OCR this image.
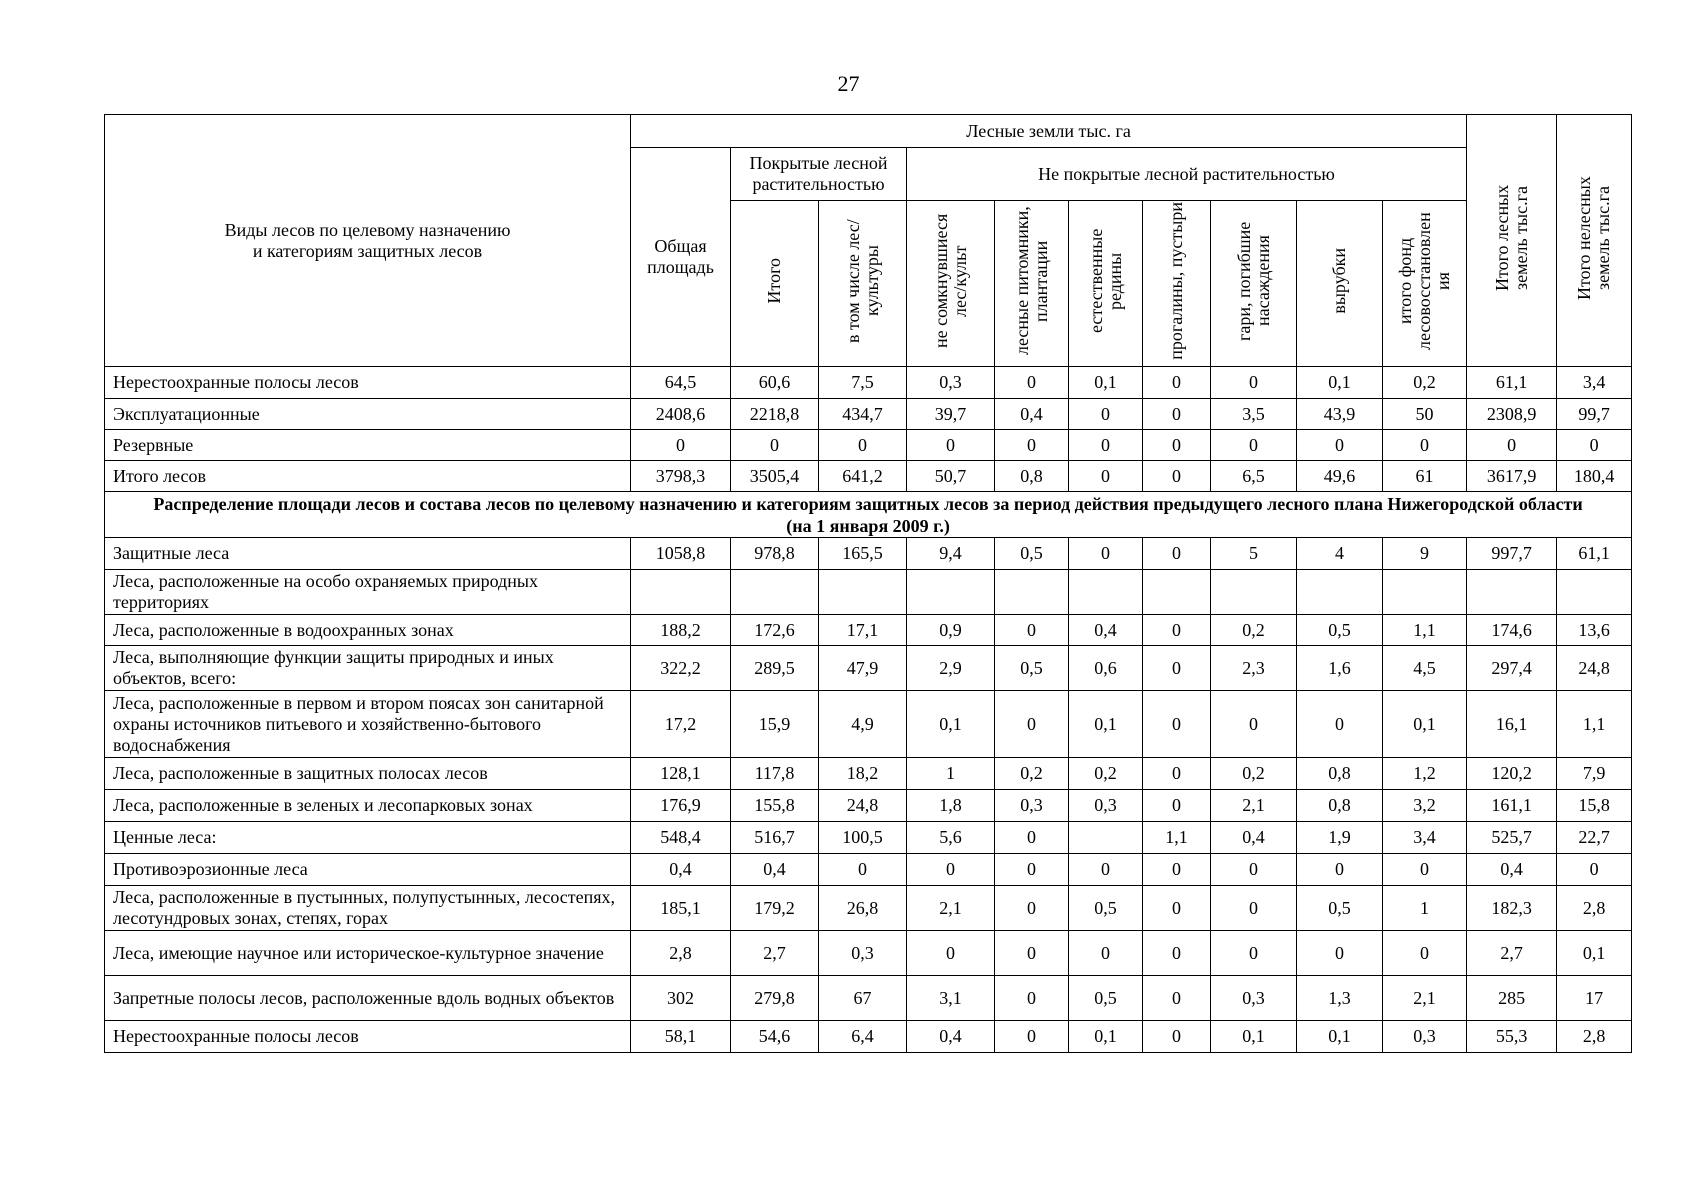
27
Виды лесов по целевому назначению
и категориям защитных лесов	Лесные земли тыс. га										Итого лесных земель тыс.га	Итого нелесных земель тыс.га
	Общая площадь	Покрытые лесной растительностью		Не покрытые лесной растительностью								
		Итого	в том числе лес/культуры	не сомкнувшиеся лес/культ	лесные питомники, плантации	естественные редины	прогалины, пустыри	гари, погибшие насаждения	вырубки	итого фонд лесовосстановлен ия		
Нерестоохранные полосы лесов	64,5	60,6	7,5	0,3	0	0,1	0	0	0,1	0,2	61,1	3,4
Эксплуатационные	2408,6	2218,8	434,7	39,7	0,4	0	0	3,5	43,9	50	2308,9	99,7
Резервные	0	0	0	0	0	0	0	0	0	0	0	0
Итого лесов	3798,3	3505,4	641,2	50,7	0,8	0	0	6,5	49,6	61	3617,9	180,4
Распределение площади лесов и состава лесов по целевому назначению и категориям защитных лесов за период действия предыдущего лесного плана Нижегородской области (на 1 января 2009 г.)												
Защитные леса	1058,8	978,8	165,5	9,4	0,5	0	0	5	4	9	997,7	61,1
Леса, расположенные на особо охраняемых природных территориях												
Леса, расположенные в водоохранных зонах	188,2	172,6	17,1	0,9	0	0,4	0	0,2	0,5	1,1	174,6	13,6
Леса, выполняющие функции защиты природных и иных объектов, всего:	322,2	289,5	47,9	2,9	0,5	0,6	0	2,3	1,6	4,5	297,4	24,8
Леса, расположенные в первом и втором поясах зон санитарной охраны источников питьевого и хозяйственно-бытового водоснабжения	17,2	15,9	4,9	0,1	0	0,1	0	0	0	0,1	16,1	1,1
Леса, расположенные в защитных полосах лесов	128,1	117,8	18,2	1	0,2	0,2	0	0,2	0,8	1,2	120,2	7,9
Леса, расположенные в зеленых и лесопарковых зонах	176,9	155,8	24,8	1,8	0,3	0,3	0	2,1	0,8	3,2	161,1	15,8
Ценные леса:	548,4	516,7	100,5	5,6	0		1,1	0,4	1,9	3,4	525,7	22,7
Противоэрозионные леса	0,4	0,4	0	0	0	0	0	0	0	0	0,4	0
Леса, расположенные в пустынных, полупустынных, лесостепях, лесотундровых зонах, степях, горах	185,1	179,2	26,8	2,1	0	0,5	0	0	0,5	1	182,3	2,8
Леса, имеющие научное или историческое-культурное значение	2,8	2,7	0,3	0	0	0	0	0	0	0	2,7	0,1
Запретные полосы лесов, расположенные вдоль водных объектов	302	279,8	67	3,1	0	0,5	0	0,3	1,3	2,1	285	17
Нерестоохранные полосы лесов	58,1	54,6	6,4	0,4	0	0,1	0	0,1	0,1	0,3	55,3	2,8
